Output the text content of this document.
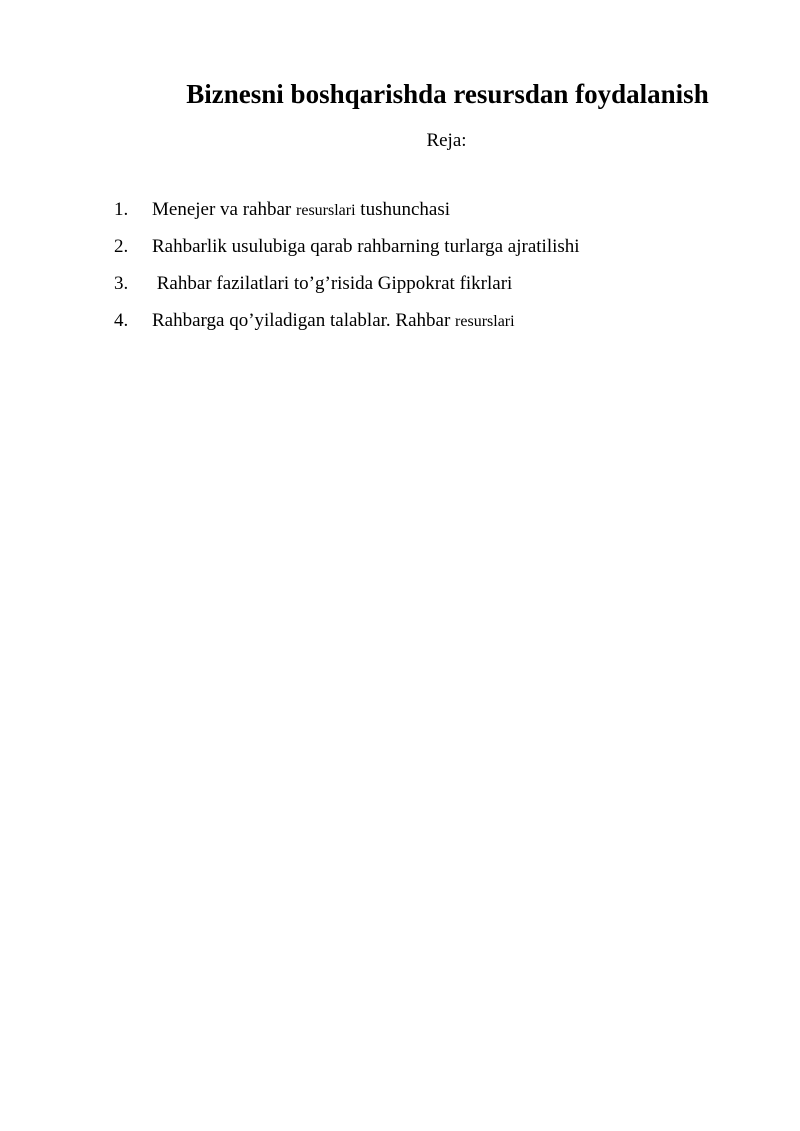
Biznesni boshqarishda resursdan foydalanish
Reja:
1.	Menejer va rahbar resurslari tushunchasi
2.	Rahbarlik usulubiga qarab rahbarning turlarga ajratilishi
3.	Rahbar fazilatlari to’g’risida Gippokrat fikrlari
4.	Rahbarga qo’yiladigan talablar. Rahbar resurslari
